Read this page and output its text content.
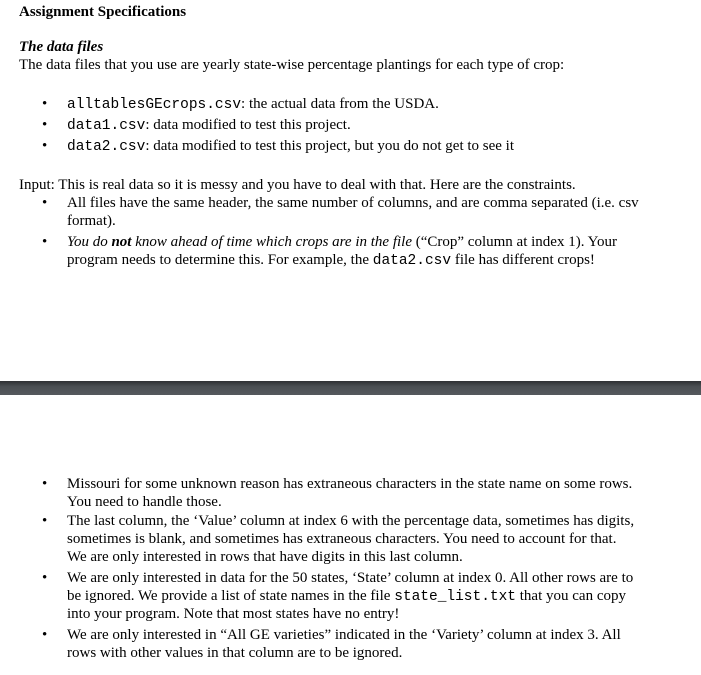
Assignment Specifications
The data files
The data files that you use are yearly state-wise percentage plantings for each type of crop:
• alltablesGEcrops.csv: the actual data from the USDA.
• data1.csv: data modified to test this project.
• data2.csv: data modified to test this project, but you do not get to see it
Input: This is real data so it is messy and you have to deal with that. Here are the constraints.
• All files have the same header, the same number of columns, and are comma separated (i.e. csv
format).
• You do not know ahead of time which crops are in the file (“Crop” column at index 1). Your
program needs to determine this. For example, the data2.csv file has different crops!
• Missouri for some unknown reason has extraneous characters in the state name on some rows.
You need to handle those.
• The last column, the ‘Value’ column at index 6 with the percentage data, sometimes has digits,
sometimes is blank, and sometimes has extraneous characters. You need to account for that.
We are only interested in rows that have digits in this last column.
• We are only interested in data for the 50 states, ‘State’ column at index 0. All other rows are to
be ignored. We provide a list of state names in the file state_list.txt that you can copy
into your program. Note that most states have no entry!
• We are only interested in “All GE varieties” indicated in the ‘Variety’ column at index 3. All
rows with other values in that column are to be ignored.
